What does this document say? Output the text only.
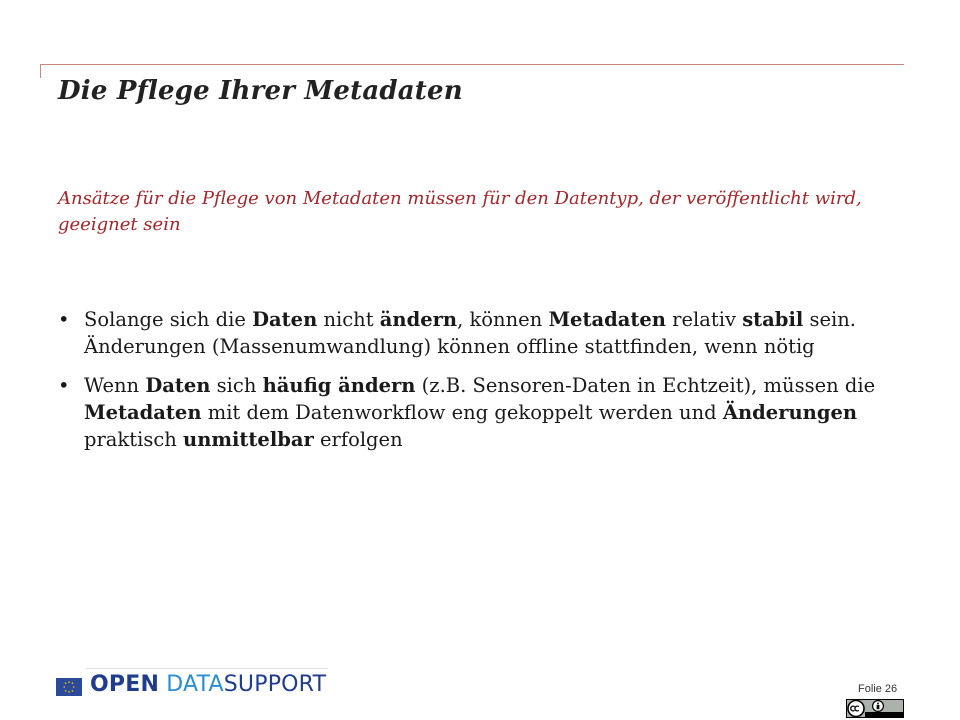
Die Pflege Ihrer Metadaten

Ansätze für die Pflege von Metadaten müssen für den Datentyp, der veröffentlicht wird, geeignet sein

• Solange sich die Daten nicht ändern, können Metadaten relativ stabil sein. Änderungen (Massenumwandlung) können offline stattfinden, wenn nötig
• Wenn Daten sich häufig ändern (z.B. Sensoren-Daten in Echtzeit), müssen die Metadaten mit dem Datenworkflow eng gekoppelt werden und Änderungen praktisch unmittelbar erfolgen
OPEN DATASUPPORT	Folie 26
